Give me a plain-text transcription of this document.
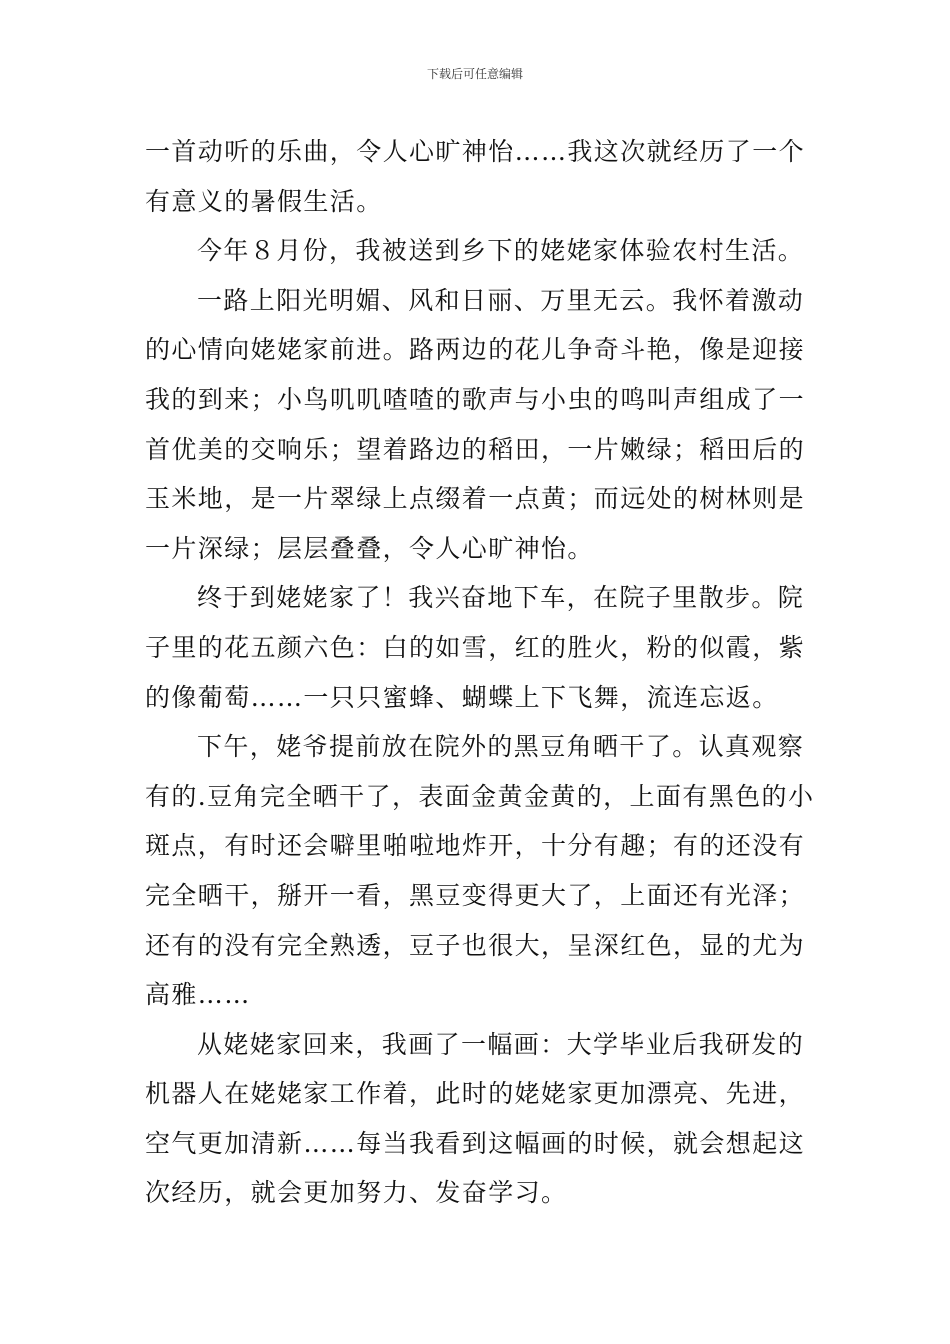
下载后可任意编辑

一首动听的乐曲，令人心旷神怡……我这次就经历了一个
有意义的暑假生活。

今年８月份，我被送到乡下的姥姥家体验农村生活。

一路上阳光明媚、风和日丽、万里无云。我怀着激动
的心情向姥姥家前进。路两边的花儿争奇斗艳，像是迎接
我的到来；小鸟叽叽喳喳的歌声与小虫的鸣叫声组成了一
首优美的交响乐；望着路边的稻田，一片嫩绿；稻田后的
玉米地，是一片翠绿上点缀着一点黄；而远处的树林则是
一片深绿；层层叠叠，令人心旷神怡。

终于到姥姥家了！我兴奋地下车，在院子里散步。院
子里的花五颜六色：白的如雪，红的胜火，粉的似霞，紫
的像葡萄……一只只蜜蜂、蝴蝶上下飞舞，流连忘返。

下午，姥爷提前放在院外的黑豆角晒干了。认真观察
有的.豆角完全晒干了，表面金黄金黄的，上面有黑色的小
斑点，有时还会噼里啪啦地炸开，十分有趣；有的还没有
完全晒干，掰开一看，黑豆变得更大了，上面还有光泽；
还有的没有完全熟透，豆子也很大，呈深红色，显的尤为
高雅……

从姥姥家回来，我画了一幅画：大学毕业后我研发的
机器人在姥姥家工作着，此时的姥姥家更加漂亮、先进，
空气更加清新……每当我看到这幅画的时候，就会想起这
次经历，就会更加努力、发奋学习。
